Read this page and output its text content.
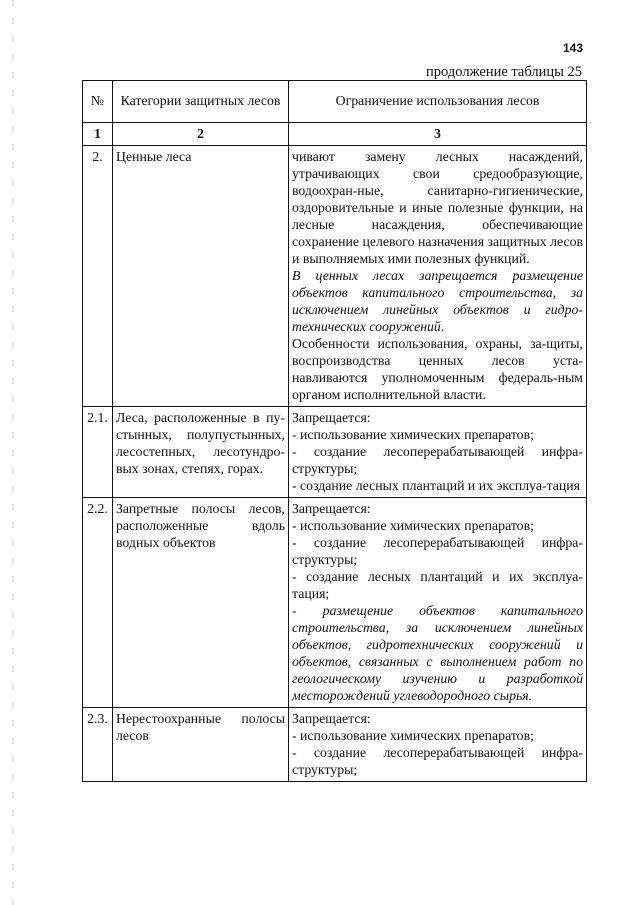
143
продолжение таблицы 25
№	Категории защитных лесов	Ограничение использования лесов
1	2	3
2.	Ценные леса	чивают замену лесных насаждений, утрачивающих свои средообразующие, водоохран-ные, санитарно-гигиенические, оздоровительные и иные полезные функции, на лесные насаждения, обеспечивающие сохранение целевого назначения защитных лесов и выполняемых ими полезных функций.

В ценных лесах запрещается размещение объектов капитального строительства, за исключением линейных объектов и гидро-технических сооружений.

Особенности использования, охраны, за-щиты, воспроизводства ценных лесов уста-навливаются уполномоченным федераль-ным органом исполнительной власти.

2.1.	Леса, расположенные в пу-стынных, полупустынных, лесостепных, лесотундро-вых зонах, степях, горах.	Запрещается:

- использование химических препаратов;

- создание лесоперерабатывающей инфра-структуры;

- создание лесных плантаций и их эксплуа-тация

2.2.	Запретные полосы лесов, расположенные вдоль водных объектов	Запрещается:

- использование химических препаратов;

- создание лесоперерабатывающей инфра-структуры;

- создание лесных плантаций и их эксплуа-тация;

- размещение объектов капитального строительства, за исключением линейных объектов, гидротехнических сооружений и объектов, связанных с выполнением работ по геологическому изучению и разработкой месторождений углеводородного сырья.

2.3.	Нерестоохранные полосы лесов	Запрещается:

- использование химических препаратов;

- создание лесоперерабатывающей инфра-структуры;
